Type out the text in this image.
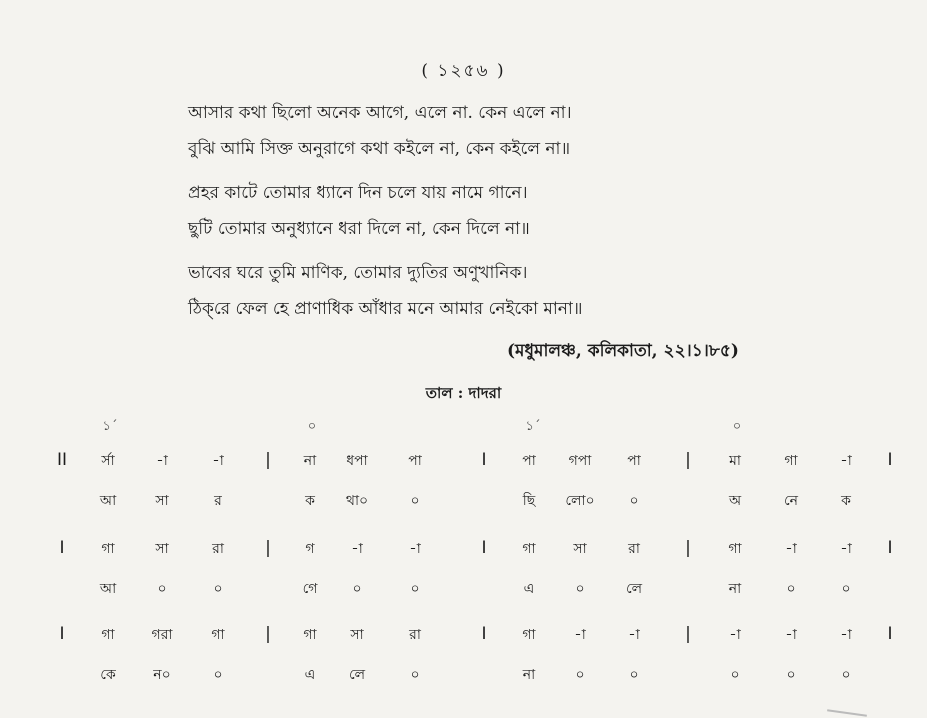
( ১২৫৬ )
আসার কথা ছিলো অনেক আগে, এলে না. কেন এলে না।
বুঝি আমি সিক্ত অনুরাগে কথা কইলে না, কেন কইলে না॥
প্রহর কাটে তোমার ধ্যানে দিন চলে যায় নামে গানে।
ছুটি তোমার অনুধ্যানে ধরা দিলে না, কেন দিলে না॥
ভাবের ঘরে তুমি মাণিক, তোমার দ্যুতির অণুখানিক।
ঠিক্‌রে ফেল হে প্রাণাধিক আঁধার মনে আমার নেইকো মানা॥
(মধুমালঞ্চ, কলিকাতা, ২২।১।৮৫)
তাল : দাদরা
১´	০	১´	০
II	I
র্সা	-া	-া | না ধপা	পা	I	পা গপা	পা	|	মা	গা	-া
আ	সা	র	ক থা০	০	ছি লো০ ০	অ	নে	ক
I	I
গা	সা	রা | গ	-া	-া	I	গা	সা	রা	|	গা	-া	-া
আ	০	০	গে	০	০	এ	০	লে	না	০	০
I	I
গা	গরা	গা | গা সা	রা	I	গা	-া	-া	|	-া	-া	-া
কে	ন০	০	এ লে	০	না	০	০	০	০	০
